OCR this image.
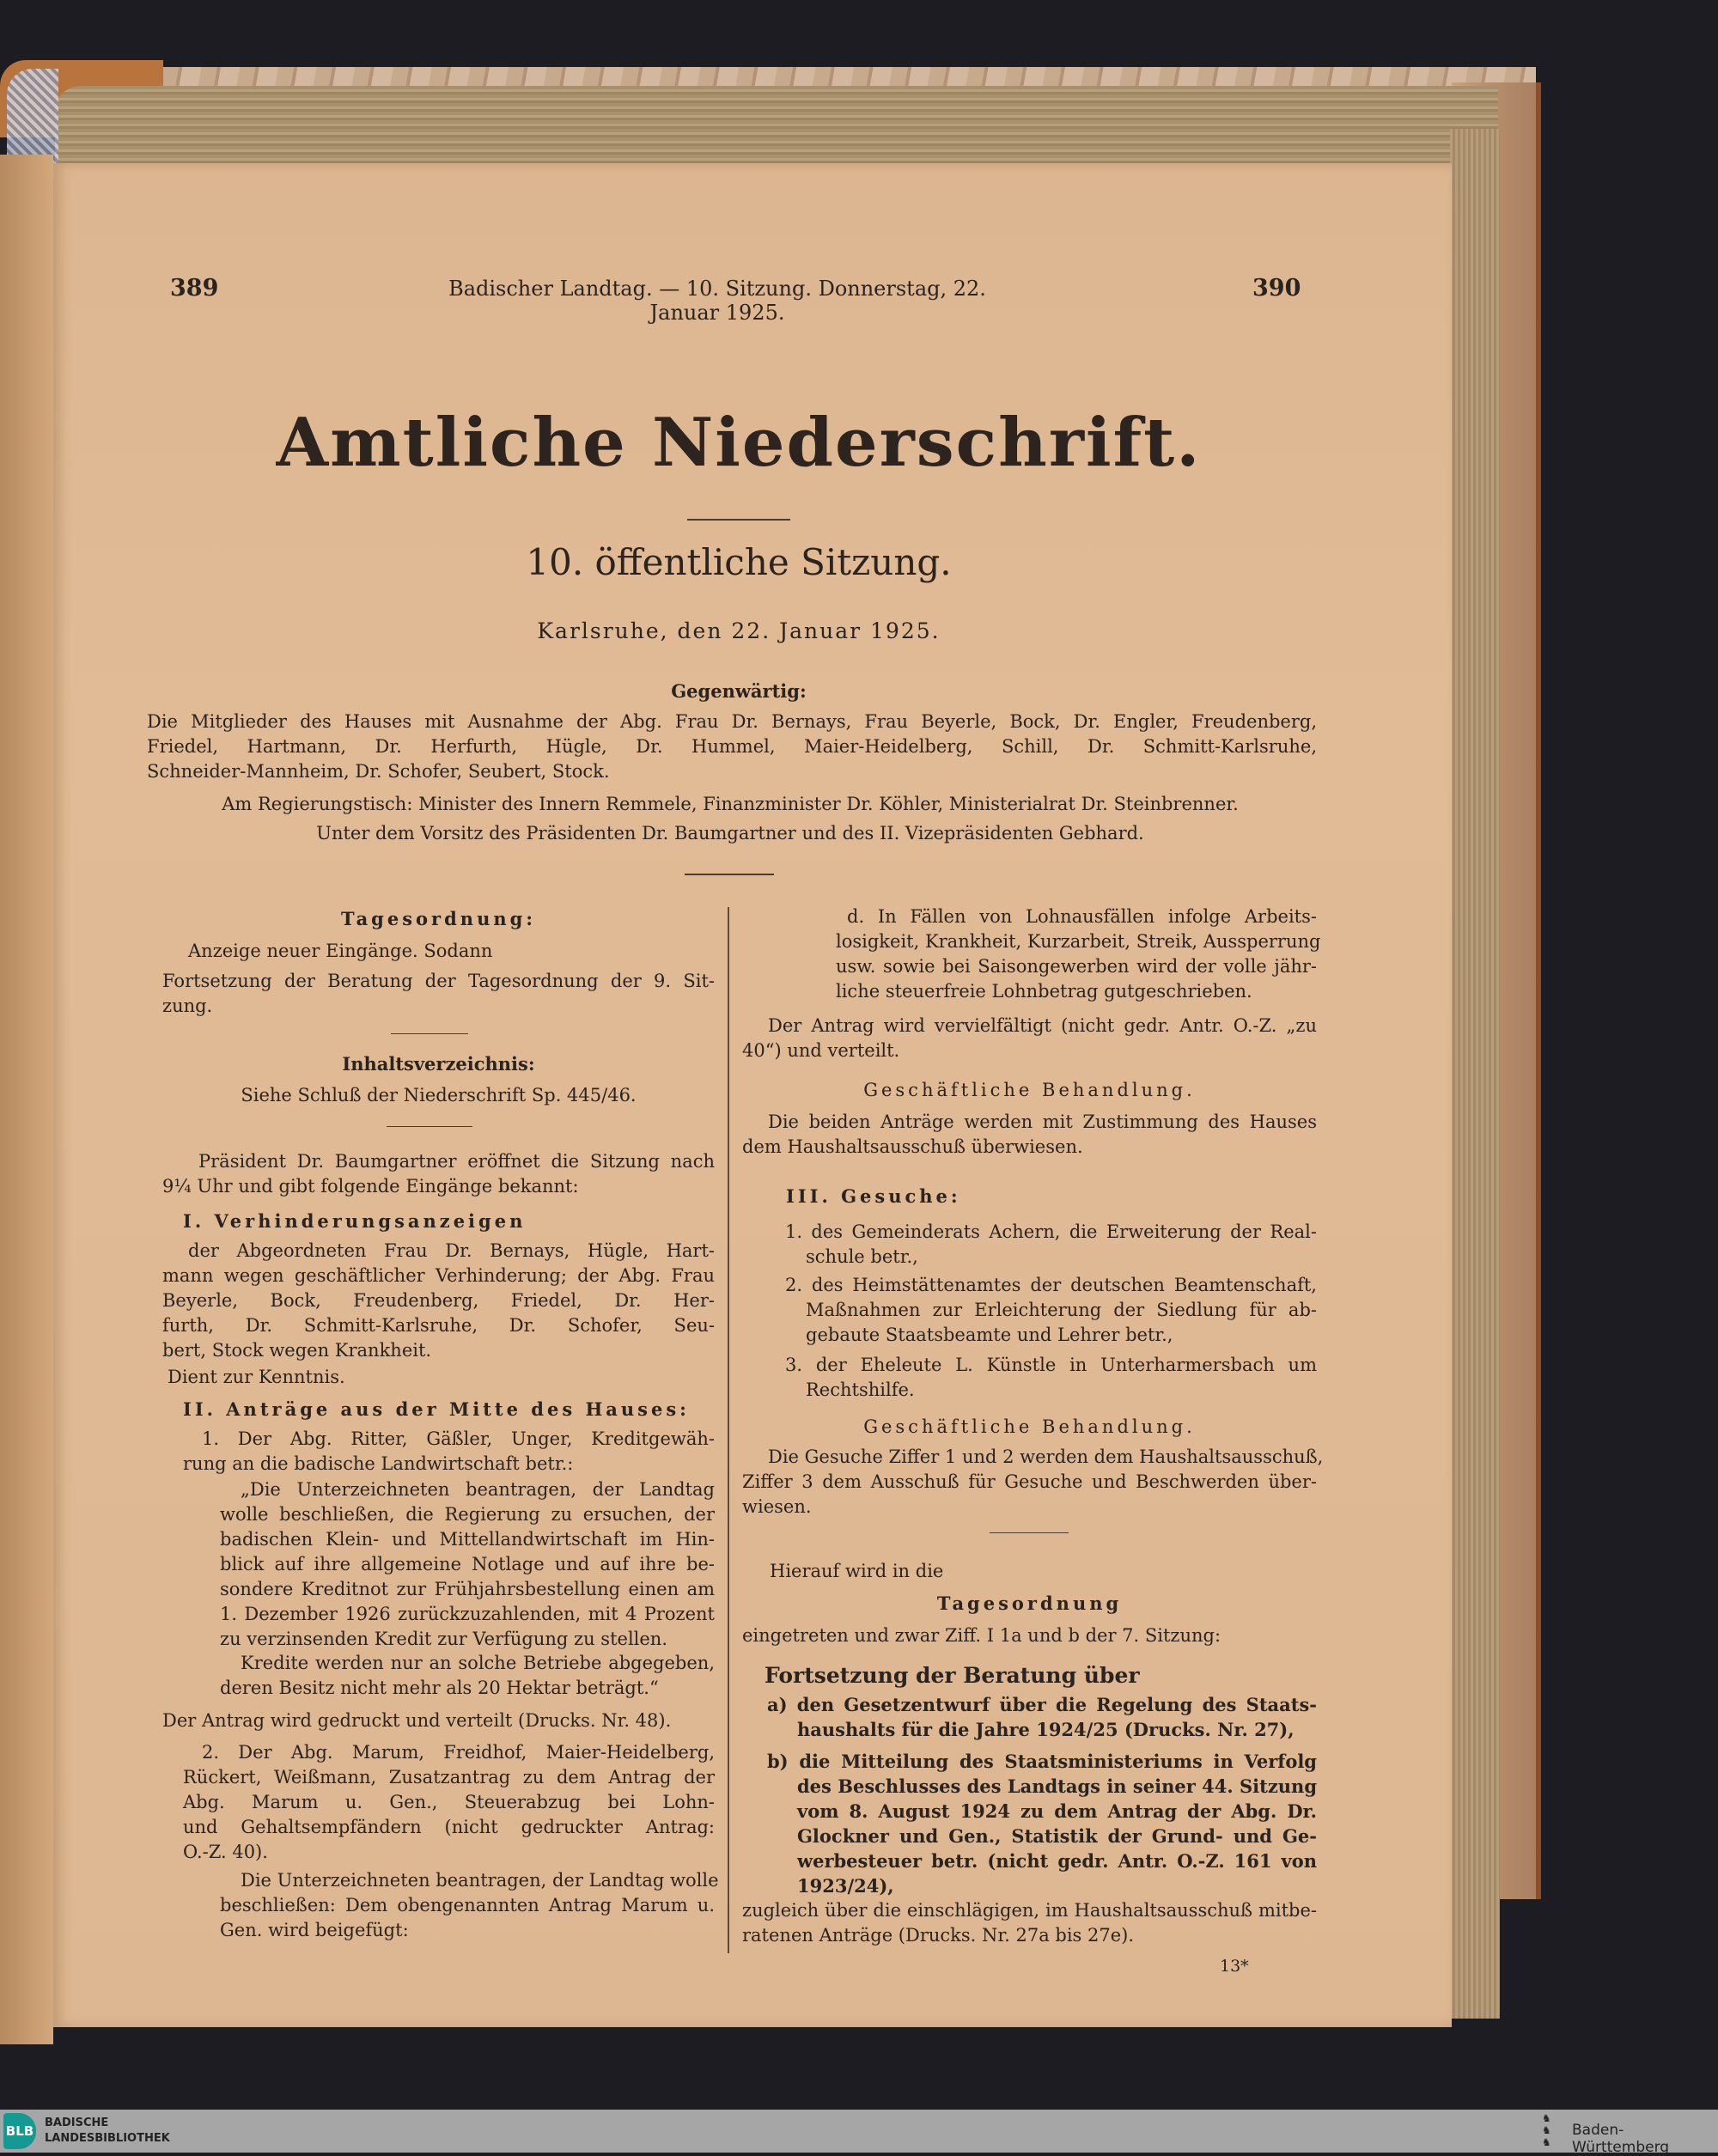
389	Badischer Landtag. — 10. Sitzung. Donnerstag, 22. Januar 1925.
390
Amtliche Niederschrift.
10. öffentliche Sitzung.
Karlsruhe, den 22. Januar 1925.
Gegenwärtig:
Die Mitglieder des Hauses mit Ausnahme der Abg. Frau Dr. Bernays, Frau Beyerle, Bock, Dr. Engler, Freudenberg,
Friedel, Hartmann, Dr. Herfurth, Hügle, Dr. Hummel, Maier-Heidelberg, Schill, Dr. Schmitt-Karlsruhe,
Schneider-Mannheim, Dr. Schofer, Seubert, Stock.
Am Regierungstisch: Minister des Innern Remmele, Finanzminister Dr. Köhler, Ministerialrat Dr. Steinbrenner.
Unter dem Vorsitz des Präsidenten Dr. Baumgartner und des II. Vizepräsidenten Gebhard.
Tagesordnung:
Anzeige neuer Eingänge. Sodann
Fortsetzung der Beratung der Tagesordnung der 9. Sit-
zung.
Inhaltsverzeichnis:
Siehe Schluß der Niederschrift Sp. 445/46.
Präsident Dr. Baumgartner eröffnet die Sitzung nach
9¼ Uhr und gibt folgende Eingänge bekannt:
I. Verhinderungsanzeigen
der Abgeordneten Frau Dr. Bernays, Hügle, Hart-
mann wegen geschäftlicher Verhinderung; der Abg. Frau
Beyerle, Bock, Freudenberg, Friedel, Dr. Her-
furth, Dr. Schmitt-Karlsruhe, Dr. Schofer, Seu-
bert, Stock wegen Krankheit.
Dient zur Kenntnis.
II. Anträge aus der Mitte des Hauses:
1. Der Abg. Ritter, Gäßler, Unger, Kreditgewäh-
rung an die badische Landwirtschaft betr.:
„Die Unterzeichneten beantragen, der Landtag
wolle beschließen, die Regierung zu ersuchen, der
badischen Klein- und Mittellandwirtschaft im Hin-
blick auf ihre allgemeine Notlage und auf ihre be-
sondere Kreditnot zur Frühjahrsbestellung einen am
1. Dezember 1926 zurückzuzahlenden, mit 4 Prozent
zu verzinsenden Kredit zur Verfügung zu stellen.
Kredite werden nur an solche Betriebe abgegeben,
deren Besitz nicht mehr als 20 Hektar beträgt.“
Der Antrag wird gedruckt und verteilt (Drucks. Nr. 48).
2. Der Abg. Marum, Freidhof, Maier-Heidelberg,
Rückert, Weißmann, Zusatzantrag zu dem Antrag der
Abg. Marum u. Gen., Steuerabzug bei Lohn-
und Gehaltsempfändern (nicht gedruckter Antrag:
O.-Z. 40).
Die Unterzeichneten beantragen, der Landtag wolle
beschließen: Dem obengenannten Antrag Marum u.
Gen. wird beigefügt:
d. In Fällen von Lohnausfällen infolge Arbeits-
losigkeit, Krankheit, Kurzarbeit, Streik, Aussperrung
usw. sowie bei Saisongewerben wird der volle jähr-
liche steuerfreie Lohnbetrag gutgeschrieben.
Der Antrag wird vervielfältigt (nicht gedr. Antr. O.-Z. „zu
40“) und verteilt.
Geschäftliche Behandlung.
Die beiden Anträge werden mit Zustimmung des Hauses
dem Haushaltsausschuß überwiesen.
III. Gesuche:
1. des Gemeinderats Achern, die Erweiterung der Real-
schule betr.,
2. des Heimstättenamtes der deutschen Beamtenschaft,
Maßnahmen zur Erleichterung der Siedlung für ab-
gebaute Staatsbeamte und Lehrer betr.,
3. der Eheleute L. Künstle in Unterharmersbach um
Rechtshilfe.
Geschäftliche Behandlung.
Die Gesuche Ziffer 1 und 2 werden dem Haushaltsausschuß,
Ziffer 3 dem Ausschuß für Gesuche und Beschwerden über-
wiesen.
Hierauf wird in die
Tagesordnung
eingetreten und zwar Ziff. I 1a und b der 7. Sitzung:
Fortsetzung der Beratung über
a) den Gesetzentwurf über die Regelung des Staats-
haushalts für die Jahre 1924/25 (Drucks. Nr. 27),
b) die Mitteilung des Staatsministeriums in Verfolg
des Beschlusses des Landtags in seiner 44. Sitzung
vom 8. August 1924 zu dem Antrag der Abg. Dr.
Glockner und Gen., Statistik der Grund- und Ge-
werbesteuer betr. (nicht gedr. Antr. O.-Z. 161 von
1923/24),
zugleich über die einschlägigen, im Haushaltsausschuß mitbe-
ratenen Anträge (Drucks. Nr. 27a bis 27e).
13*
BLB
BADISCHE
LANDESBIBLIOTHEK
♞
♞
♞
Baden-Württemberg
